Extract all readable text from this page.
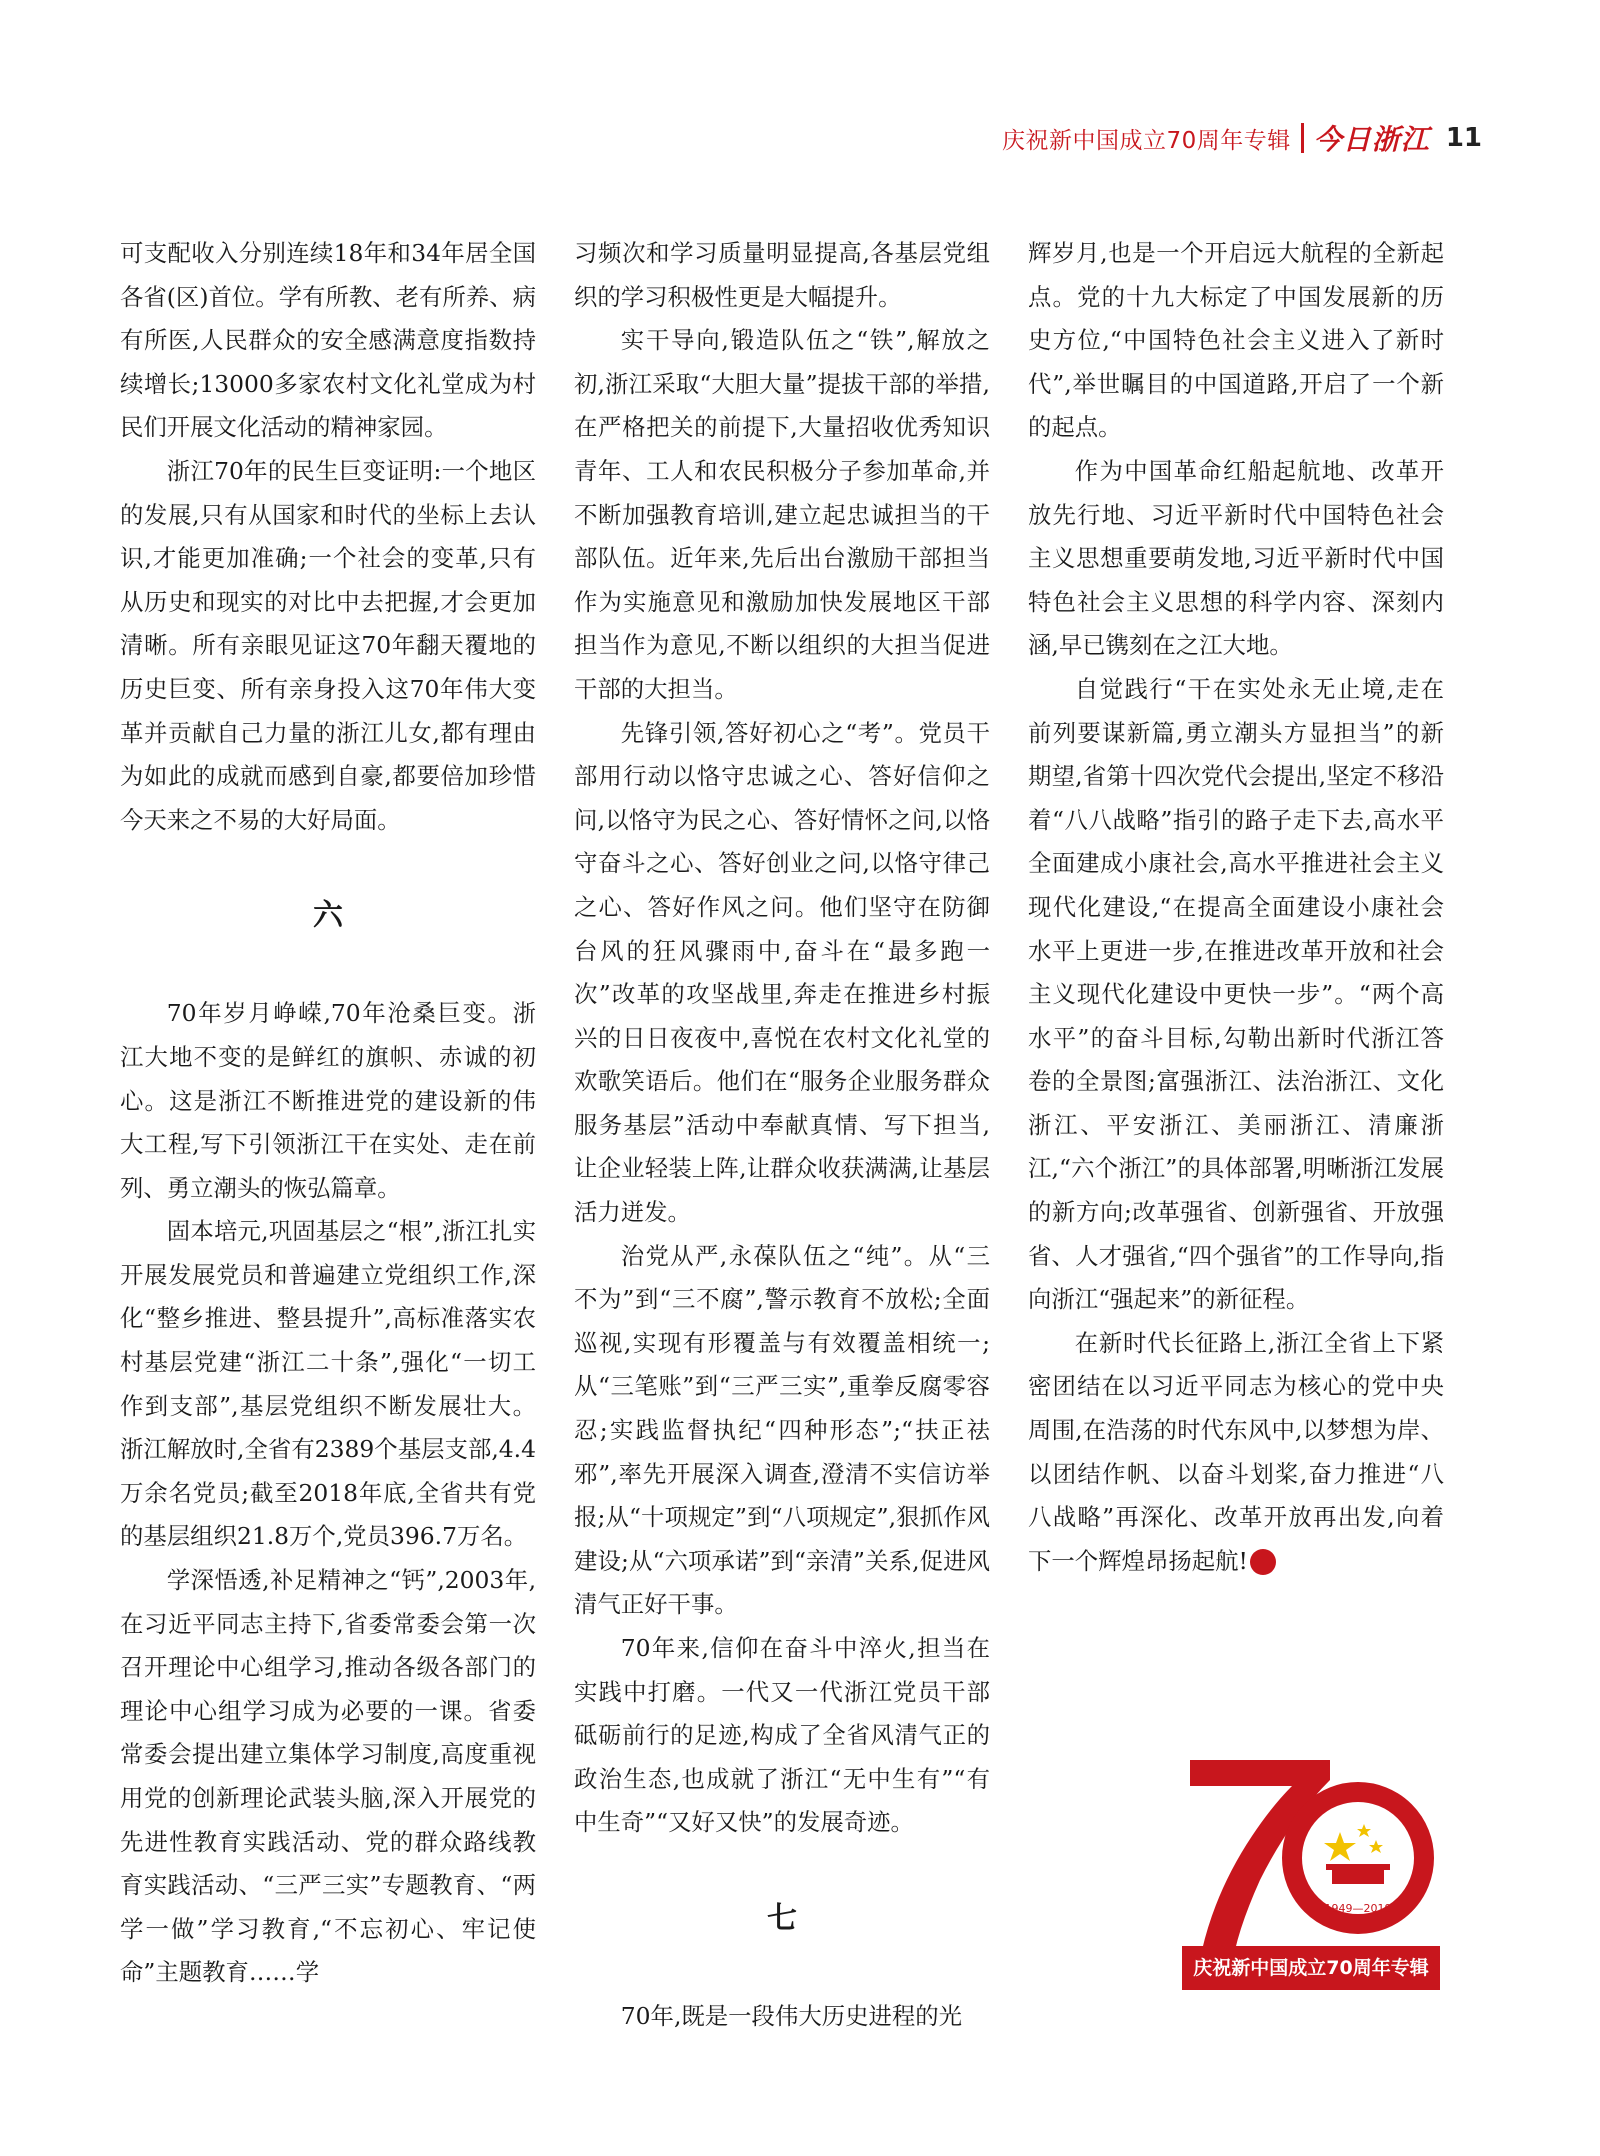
庆祝新中国成立70周年专辑 今日浙江 11

可支配收入分别连续18年和34年居全国各省(区)首位。学有所教、老有所养、病有所医,人民群众的安全感满意度指数持续增长;13000多家农村文化礼堂成为村民们开展文化活动的精神家园。

浙江70年的民生巨变证明:一个地区的发展,只有从国家和时代的坐标上去认识,才能更加准确;一个社会的变革,只有从历史和现实的对比中去把握,才会更加清晰。所有亲眼见证这70年翻天覆地的历史巨变、所有亲身投入这70年伟大变革并贡献自己力量的浙江儿女,都有理由为如此的成就而感到自豪,都要倍加珍惜今天来之不易的大好局面。

六

70年岁月峥嵘,70年沧桑巨变。浙江大地不变的是鲜红的旗帜、赤诚的初心。这是浙江不断推进党的建设新的伟大工程,写下引领浙江干在实处、走在前列、勇立潮头的恢弘篇章。

固本培元,巩固基层之“根”,浙江扎实开展发展党员和普遍建立党组织工作,深化“整乡推进、整县提升”,高标准落实农村基层党建“浙江二十条”,强化“一切工作到支部”,基层党组织不断发展壮大。浙江解放时,全省有2389个基层支部,4.4万余名党员;截至2018年底,全省共有党的基层组织21.8万个,党员396.7万名。

学深悟透,补足精神之“钙”,2003年,在习近平同志主持下,省委常委会第一次召开理论中心组学习,推动各级各部门的理论中心组学习成为必要的一课。省委常委会提出建立集体学习制度,高度重视用党的创新理论武装头脑,深入开展党的先进性教育实践活动、党的群众路线教育实践活动、“三严三实”专题教育、“两学一做”学习教育,“不忘初心、牢记使命”主题教育……学

习频次和学习质量明显提高,各基层党组织的学习积极性更是大幅提升。

实干导向,锻造队伍之“铁”,解放之初,浙江采取“大胆大量”提拔干部的举措,在严格把关的前提下,大量招收优秀知识青年、工人和农民积极分子参加革命,并不断加强教育培训,建立起忠诚担当的干部队伍。近年来,先后出台激励干部担当作为实施意见和激励加快发展地区干部担当作为意见,不断以组织的大担当促进干部的大担当。

先锋引领,答好初心之“考”。党员干部用行动以恪守忠诚之心、答好信仰之问,以恪守为民之心、答好情怀之问,以恪守奋斗之心、答好创业之问,以恪守律己之心、答好作风之问。他们坚守在防御台风的狂风骤雨中,奋斗在“最多跑一次”改革的攻坚战里,奔走在推进乡村振兴的日日夜夜中,喜悦在农村文化礼堂的欢歌笑语后。他们在“服务企业服务群众服务基层”活动中奉献真情、写下担当,让企业轻装上阵,让群众收获满满,让基层活力迸发。

治党从严,永葆队伍之“纯”。从“三不为”到“三不腐”,警示教育不放松;全面巡视,实现有形覆盖与有效覆盖相统一;从“三笔账”到“三严三实”,重拳反腐零容忍;实践监督执纪“四种形态”;“扶正祛邪”,率先开展深入调查,澄清不实信访举报;从“十项规定”到“八项规定”,狠抓作风建设;从“六项承诺”到“亲清”关系,促进风清气正好干事。

70年来,信仰在奋斗中淬火,担当在实践中打磨。一代又一代浙江党员干部砥砺前行的足迹,构成了全省风清气正的政治生态,也成就了浙江“无中生有”“有中生奇”“又好又快”的发展奇迹。

七

70年,既是一段伟大历史进程的光

辉岁月,也是一个开启远大航程的全新起点。党的十九大标定了中国发展新的历史方位,“中国特色社会主义进入了新时代”,举世瞩目的中国道路,开启了一个新的起点。

作为中国革命红船起航地、改革开放先行地、习近平新时代中国特色社会主义思想重要萌发地,习近平新时代中国特色社会主义思想的科学内容、深刻内涵,早已镌刻在之江大地。

自觉践行“干在实处永无止境,走在前列要谋新篇,勇立潮头方显担当”的新期望,省第十四次党代会提出,坚定不移沿着“八八战略”指引的路子走下去,高水平全面建成小康社会,高水平推进社会主义现代化建设,“在提高全面建设小康社会水平上更进一步,在推进改革开放和社会主义现代化建设中更快一步”。“两个高水平”的奋斗目标,勾勒出新时代浙江答卷的全景图;富强浙江、法治浙江、文化浙江、平安浙江、美丽浙江、清廉浙江,“六个浙江”的具体部署,明晰浙江发展的新方向;改革强省、创新强省、开放强省、人才强省,“四个强省”的工作导向,指向浙江“强起来”的新征程。

在新时代长征路上,浙江全省上下紧密团结在以习近平同志为核心的党中央周围,在浩荡的时代东风中,以梦想为岸、以团结作帆、以奋斗划桨,奋力推进“八八战略”再深化、改革开放再出发,向着下一个辉煌昂扬起航!	今

1949—2019
庆祝新中国成立70周年专辑
